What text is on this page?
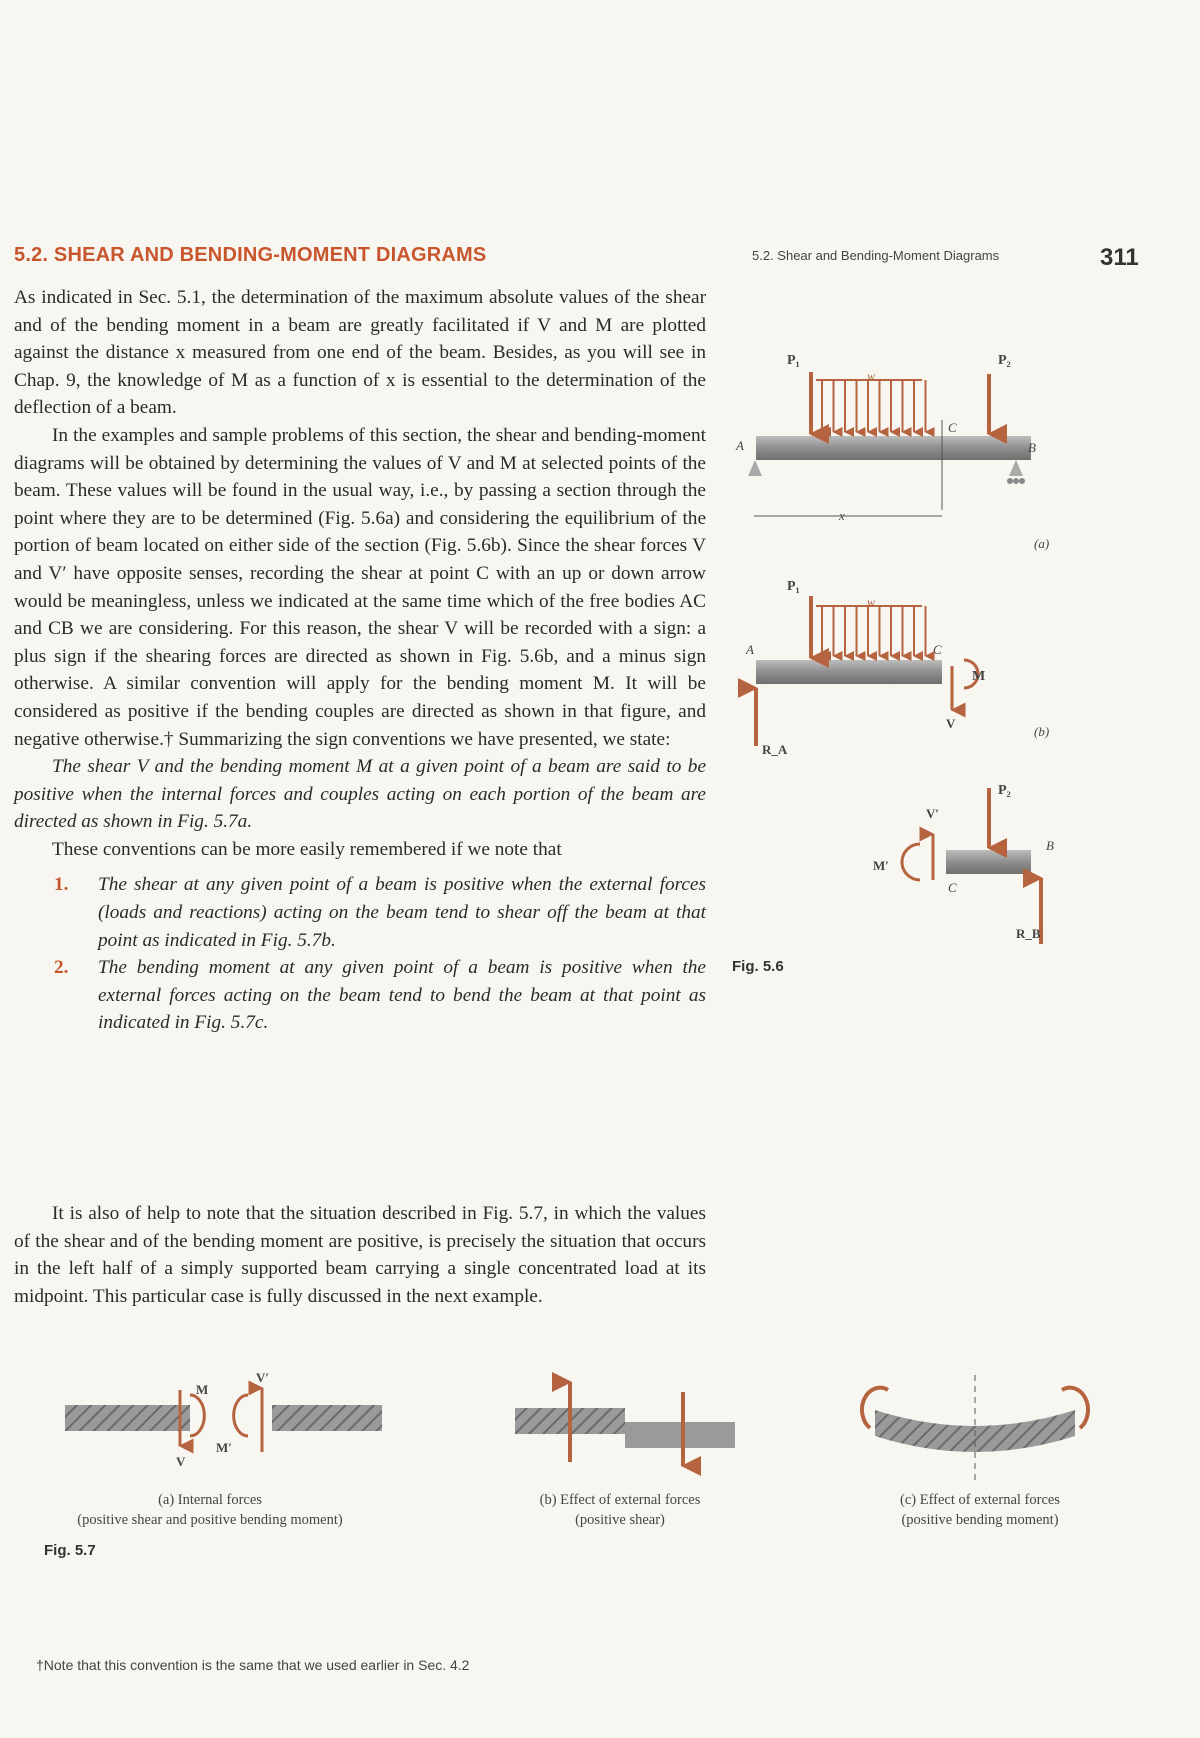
5.2. SHEAR AND BENDING-MOMENT DIAGRAMS	5.2. Shear and Bending-Moment Diagrams	311

As indicated in Sec. 5.1, the determination of the maximum absolute values of the shear and of the bending moment in a beam are greatly facilitated if V and M are plotted against the distance x measured from one end of the beam. Besides, as you will see in Chap. 9, the knowledge of M as a function of x is essential to the determination of the deflection of a beam.

In the examples and sample problems of this section, the shear and bending-moment diagrams will be obtained by determining the values of V and M at selected points of the beam. These values will be found in the usual way, i.e., by passing a section through the point where they are to be determined (Fig. 5.6a) and considering the equilibrium of the portion of beam located on either side of the section (Fig. 5.6b). Since the shear forces V and V′ have opposite senses, recording the shear at point C with an up or down arrow would be meaningless, unless we indicated at the same time which of the free bodies AC and CB we are considering. For this reason, the shear V will be recorded with a sign: a plus sign if the shearing forces are directed as shown in Fig. 5.6b, and a minus sign otherwise. A similar convention will apply for the bending moment M. It will be considered as positive if the bending couples are directed as shown in that figure, and negative otherwise.† Summarizing the sign conventions we have presented, we state:

The shear V and the bending moment M at a given point of a beam are said to be positive when the internal forces and couples acting on each portion of the beam are directed as shown in Fig. 5.7a.

These conventions can be more easily remembered if we note that

1. The shear at any given point of a beam is positive when the external forces (loads and reactions) acting on the beam tend to shear off the beam at that point as indicated in Fig. 5.7b.
2. The bending moment at any given point of a beam is positive when the external forces acting on the beam tend to bend the beam at that point as indicated in Fig. 5.7c.

It is also of help to note that the situation described in Fig. 5.7, in which the values of the shear and of the bending moment are positive, is precisely the situation that occurs in the left half of a simply supported beam carrying a single concentrated load at its midpoint. This particular case is fully discussed in the next example.

P₁
w
P₂
A	B
C
x
(a)
P₁
w
A	C
M
V
R_A
(b)
P₂
V′
M′
C
B
R_B
Fig. 5.6
M
V
V′
M′
(a) Internal forces
(positive shear and positive bending moment)
(b) Effect of external forces
(positive shear)
(c) Effect of external forces
(positive bending moment)
Fig. 5.7
†Note that this convention is the same that we used earlier in Sec. 4.2
